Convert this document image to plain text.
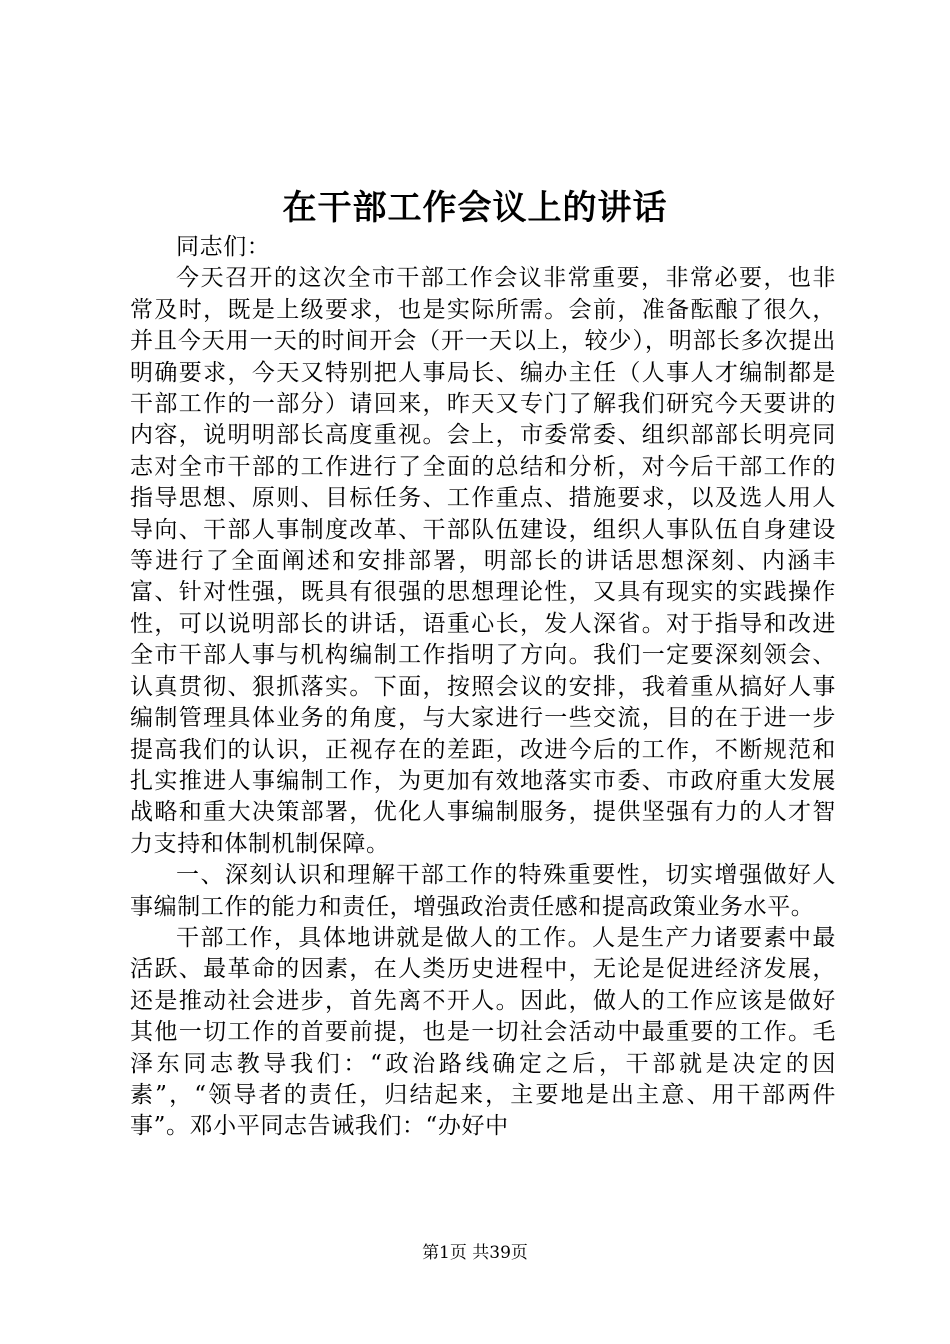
在干部工作会议上的讲话

同志们：

今天召开的这次全市干部工作会议非常重要，非常必要，也非常及时，既是上级要求，也是实际所需。会前，准备酝酿了很久，并且今天用一天的时间开会（开一天以上，较少），明部长多次提出明确要求，今天又特别把人事局长、编办主任（人事人才编制都是干部工作的一部分）请回来，昨天又专门了解我们研究今天要讲的内容，说明明部长高度重视。会上，市委常委、组织部部长明亮同志对全市干部的工作进行了全面的总结和分析，对今后干部工作的指导思想、原则、目标任务、工作重点、措施要求，以及选人用人导向、干部人事制度改革、干部队伍建设，组织人事队伍自身建设等进行了全面阐述和安排部署，明部长的讲话思想深刻、内涵丰富、针对性强，既具有很强的思想理论性，又具有现实的实践操作性，可以说明部长的讲话，语重心长，发人深省。对于指导和改进全市干部人事与机构编制工作指明了方向。我们一定要深刻领会、认真贯彻、狠抓落实。下面，按照会议的安排，我着重从搞好人事编制管理具体业务的角度，与大家进行一些交流，目的在于进一步提高我们的认识，正视存在的差距，改进今后的工作，不断规范和扎实推进人事编制工作，为更加有效地落实市委、市政府重大发展战略和重大决策部署，优化人事编制服务，提供坚强有力的人才智力支持和体制机制保障。

一、深刻认识和理解干部工作的特殊重要性，切实增强做好人事编制工作的能力和责任，增强政治责任感和提高政策业务水平。

干部工作，具体地讲就是做人的工作。人是生产力诸要素中最活跃、最革命的因素，在人类历史进程中，无论是促进经济发展，还是推动社会进步，首先离不开人。因此，做人的工作应该是做好其他一切工作的首要前提，也是一切社会活动中最重要的工作。毛泽东同志教导我们：“政治路线确定之后，干部就是决定的因素”，“领导者的责任，归结起来，主要地是出主意、用干部两件事”。邓小平同志告诫我们：“办好中

第1页 共39页
